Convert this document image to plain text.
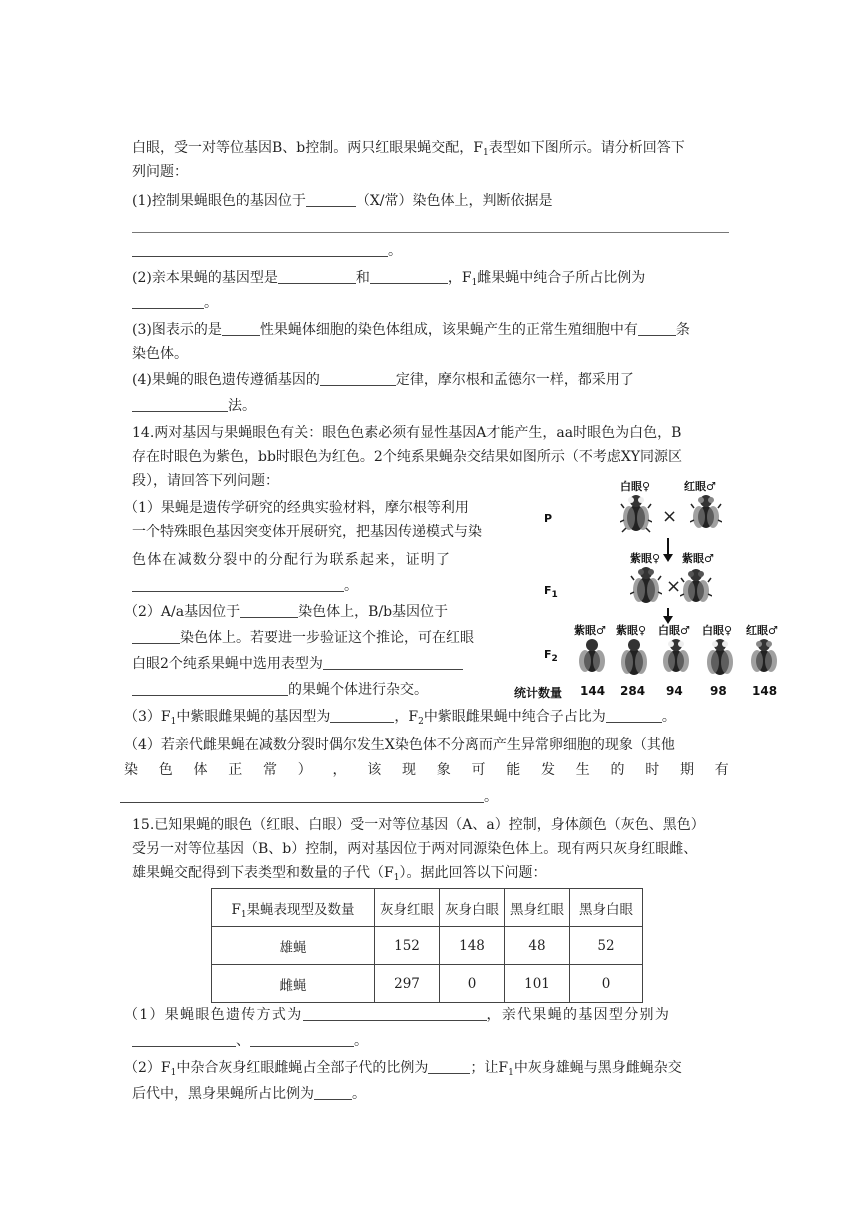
白眼，受一对等位基因B、b控制。两只红眼果蝇交配，$F_1$表型如下图所示。请分析回答下
列问题：
(1)控制果蝇眼色的基因位于	（X/常）染色体上，判断依据是
。
(2)亲本果蝇的基因型是	和	，$F_1$雌果蝇中纯合子所占比例为
。
(3)图表示的是	性果蝇体细胞的染色体组成，该果蝇产生的正常生殖细胞中有	条
染色体。
(4)果蝇的眼色遗传遵循基因的	定律，摩尔根和孟德尔一样，都采用了
法。
14.两对基因与果蝇眼色有关：眼色色素必须有显性基因A才能产生，aa时眼色为白色，B
存在时眼色为紫色，bb时眼色为红色。2个纯系果蝇杂交结果如图所示（不考虑XY同源区
段），请回答下列问题：
（1）果蝇是遗传学研究的经典实验材料，摩尔根等利用
一个特殊眼色基因突变体开展研究，把基因传递模式与染
色体在减数分裂中的分配行为联系起来，证明了
。
（2）A/a基因位于	染色体上，B/b基因位于
染色体上。若要进一步验证这个推论，可在红眼
白眼2个纯系果蝇中选用表型为
的果蝇个体进行杂交。
$(3)F_1$中紫眼雌果蝇的基因型为	，$F_2$中紫眼雌果蝇中纯合子占比为	。
（4）若亲代雌果蝇在减数分裂时偶尔发生X染色体不分离而产生异常卵细胞的现象（其他
染 色 体 正 常 ） ， 该 现 象 可 能 发 生 的 时 期 有
。
P
$F_1$
$F_2$
白眼♀	红眼♂
×
紫眼♀ 紫眼♂
×
紫眼♂ 紫眼♀ 白眼♂ 白眼♀ 红眼♂
统计数量 144 284 94 98 148
15.已知果蝇的眼色（红眼、白眼）受一对等位基因（A、a）控制，身体颜色（灰色、黑色）
受另一对等位基因（B、b）控制，两对基因位于两对同源染色体上。现有两只灰身红眼雌、
雄果蝇交配得到下表类型和数量的子代$(F_1)$。据此回答以下问题：
$F_1$果蝇表现型及数量	灰身红眼	灰身白眼	黑身红眼	黑身白眼
雄蝇	152	148	48	52
雌蝇	297	0	101	0
（1）果蝇眼色遗传方式为	，亲代果蝇的基因型分别为
、	。
$(2)F_1$中杂合灰身红眼雌蝇占全部子代的比例为	；让$F_1$中灰身雄蝇与黑身雌蝇杂交
后代中，黑身果蝇所占比例为	。
